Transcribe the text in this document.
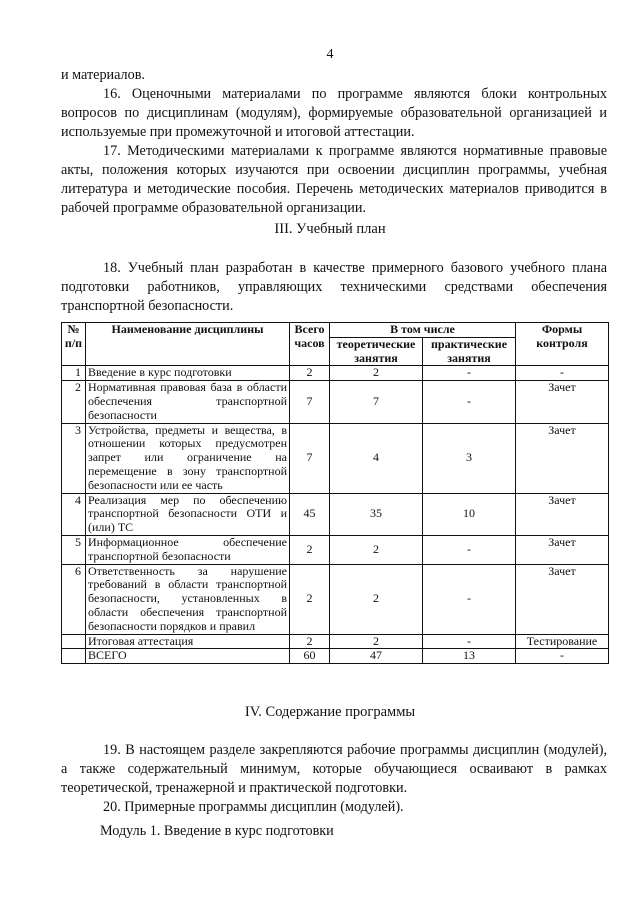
4
и материалов.
16. Оценочными материалами по программе являются блоки контрольных вопросов по дисциплинам (модулям), формируемые образовательной организацией и используемые при промежуточной и итоговой аттестации.
17. Методическими материалами к программе являются нормативные правовые акты, положения которых изучаются при освоении дисциплин программы, учебная литература и методические пособия. Перечень методических материалов приводится в рабочей программе образовательной организации.
III. Учебный план
18. Учебный план разработан в качестве примерного базового учебного плана подготовки работников, управляющих техническими средствами обеспечения транспортной безопасности.
№ п/п	Наименование дисциплины	Всего часов	В том числе		Формы контроля
			теоретические занятия	практические занятия	
1	Введение в курс подготовки	2	2	-	-
2	Нормативная правовая база в области обеспечения транспортной безопасности	7	7	-	Зачет
3	Устройства, предметы и вещества, в отношении которых предусмотрен запрет или ограничение на перемещение в зону транспортной безопасности или ее часть	7	4	3	Зачет
4	Реализация мер по обеспечению транспортной безопасности ОТИ и (или) ТС	45	35	10	Зачет
5	Информационное обеспечение транспортной безопасности	2	2	-	Зачет
6	Ответственность за нарушение требований в области транспортной безопасности, установленных в области обеспечения транспортной безопасности порядков и правил	2	2	-	Зачет
	Итоговая аттестация	2	2	-	Тестирование
	ВСЕГО	60	47	13	-
IV. Содержание программы
19. В настоящем разделе закрепляются рабочие программы дисциплин (модулей), а также содержательный минимум, которые обучающиеся осваивают в рамках теоретической, тренажерной и практической подготовки.
20. Примерные программы дисциплин (модулей).
Модуль 1. Введение в курс подготовки
